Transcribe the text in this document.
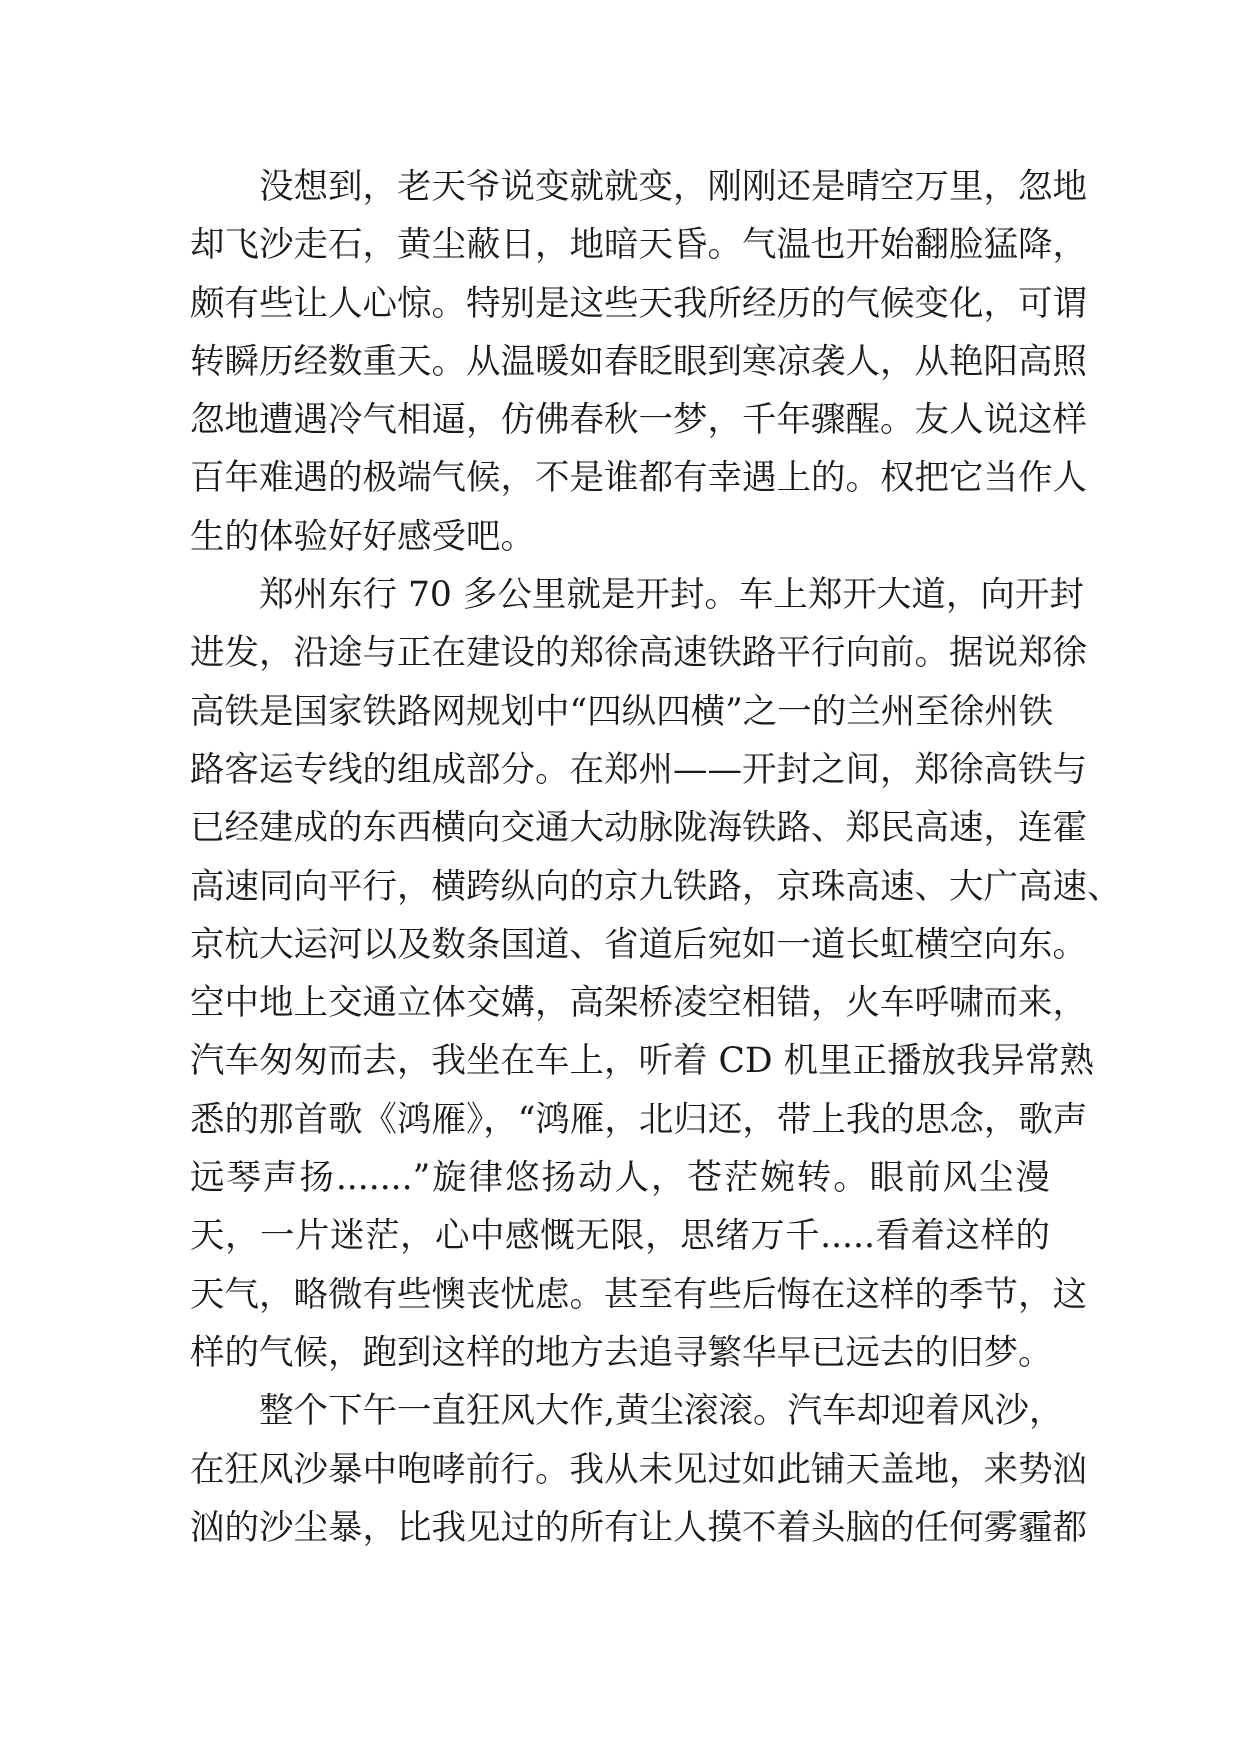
没想到，老天爷说变就就变，刚刚还是晴空万里，忽地
却飞沙走石，黄尘蔽日，地暗天昏。气温也开始翻脸猛降，
颇有些让人心惊。特别是这些天我所经历的气候变化，可谓
转瞬历经数重天。从温暖如春眨眼到寒凉袭人，从艳阳高照
忽地遭遇冷气相逼，仿佛春秋一梦，千年骤醒。友人说这样
百年难遇的极端气候，不是谁都有幸遇上的。权把它当作人
生的体验好好感受吧。
郑州东行 70 多公里就是开封。车上郑开大道，向开封
进发，沿途与正在建设的郑徐高速铁路平行向前。据说郑徐
高铁是国家铁路网规划中“四纵四横”之一的兰州至徐州铁
路客运专线的组成部分。在郑州——开封之间，郑徐高铁与
已经建成的东西横向交通大动脉陇海铁路、郑民高速，连霍
高速同向平行，横跨纵向的京九铁路，京珠高速、大广高速、
京杭大运河以及数条国道、省道后宛如一道长虹横空向东。
空中地上交通立体交媾，高架桥凌空相错，火车呼啸而来，
汽车匆匆而去，我坐在车上，听着 CD 机里正播放我异常熟
悉的那首歌《鸿雁》，“鸿雁，北归还，带上我的思念，歌声
远琴声扬.......”旋律悠扬动人，苍茫婉转。眼前风尘漫
天，一片迷茫，心中感慨无限，思绪万千.....看着这样的
天气，略微有些懊丧忧虑。甚至有些后悔在这样的季节，这
样的气候，跑到这样的地方去追寻繁华早已远去的旧梦。
整个下午一直狂风大作,黄尘滚滚。汽车却迎着风沙，
在狂风沙暴中咆哮前行。我从未见过如此铺天盖地，来势汹
汹的沙尘暴，比我见过的所有让人摸不着头脑的任何雾霾都
